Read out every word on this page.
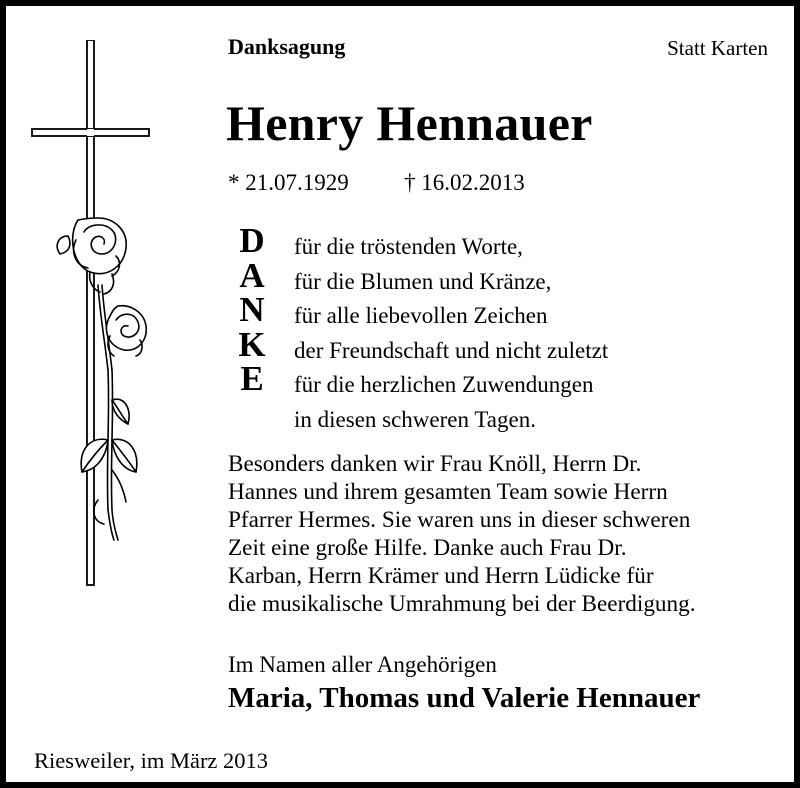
Danksagung	Statt Karten
Henry Hennauer
* 21.07.1929 † 16.02.2013
D
A
N
K
E
für die tröstenden Worte,
für die Blumen und Kränze,
für alle liebevollen Zeichen
der Freundschaft und nicht zuletzt
für die herzlichen Zuwendungen
in diesen schweren Tagen.
Besonders danken wir Frau Knöll, Herrn Dr.
Hannes und ihrem gesamten Team sowie Herrn
Pfarrer Hermes. Sie waren uns in dieser schweren
Zeit eine große Hilfe. Danke auch Frau Dr.
Karban, Herrn Krämer und Herrn Lüdicke für
die musikalische Umrahmung bei der Beerdigung.
Im Namen aller Angehörigen
Maria, Thomas und Valerie Hennauer
Riesweiler, im März 2013
